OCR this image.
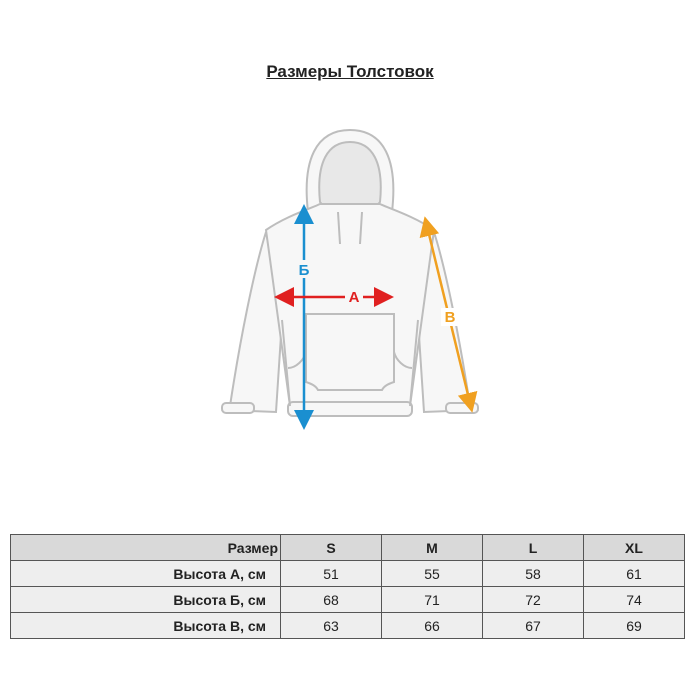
Размеры Толстовок
Б
А
В
Размер	S	M	L	XL
Высота А, см	51	55	58	61
Высота Б, см	68	71	72	74
Высота В, см	63	66	67	69
